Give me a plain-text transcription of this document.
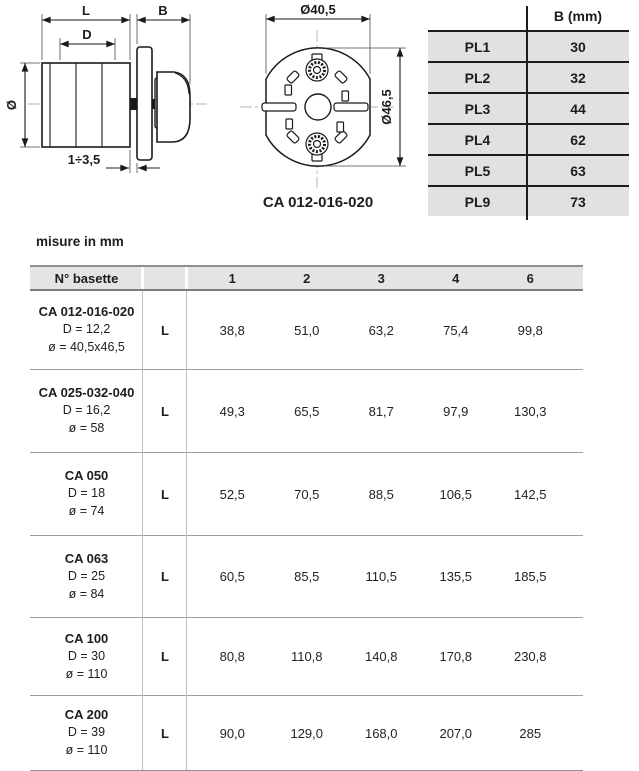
L	B
D
Ø
1÷3,5
Ø40,5
Ø46,5
CA 012-016-020
B (mm)
PL1	30
PL2	32
PL3	44
PL4	62
PL5	63
PL9	73
misure in mm
N° basette	1	2	3	4	6
CA 012-016-020
D = 12,2
ø = 40,5x46,5
L	38,8	51,0	63,2	75,4	99,8
CA 025-032-040
D = 16,2
ø = 58
L	49,3	65,5	81,7	97,9	130,3
CA 050
D = 18
ø = 74
L	52,5	70,5	88,5	106,5	142,5
CA 063
D = 25
ø = 84
L	60,5	85,5	110,5	135,5	185,5
CA 100
D = 30
ø = 110
L	80,8	110,8	140,8	170,8	230,8
CA 200
D = 39
ø = 110
L	90,0	129,0	168,0	207,0	285
